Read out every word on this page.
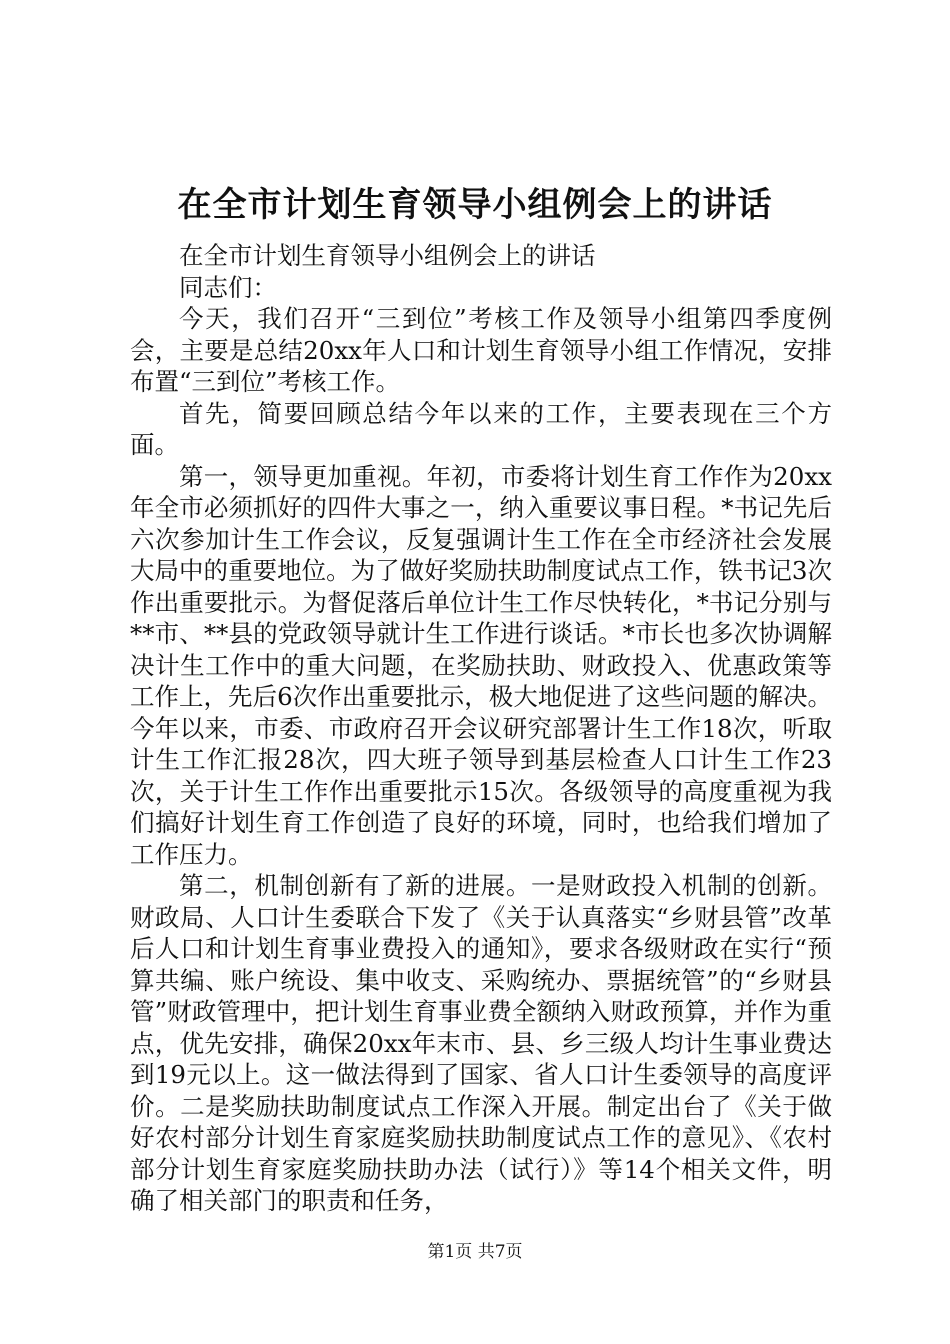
在全市计划生育领导小组例会上的讲话

在全市计划生育领导小组例会上的讲话

同志们：

今天，我们召开“三到位”考核工作及领导小组第四季度例会，主要是总结20xx年人口和计划生育领导小组工作情况，安排布置“三到位”考核工作。

首先，简要回顾总结今年以来的工作，主要表现在三个方面。

第一，领导更加重视。年初，市委将计划生育工作作为20xx年全市必须抓好的四件大事之一，纳入重要议事日程。*书记先后六次参加计生工作会议，反复强调计生工作在全市经济社会发展大局中的重要地位。为了做好奖励扶助制度试点工作，铁书记3次作出重要批示。为督促落后单位计生工作尽快转化，*书记分别与**市、**县的党政领导就计生工作进行谈话。*市长也多次协调解决计生工作中的重大问题，在奖励扶助、财政投入、优惠政策等工作上，先后6次作出重要批示，极大地促进了这些问题的解决。今年以来，市委、市政府召开会议研究部署计生工作18次，听取计生工作汇报28次，四大班子领导到基层检查人口计生工作23次，关于计生工作作出重要批示15次。各级领导的高度重视为我们搞好计划生育工作创造了良好的环境，同时，也给我们增加了工作压力。

第二，机制创新有了新的进展。一是财政投入机制的创新。财政局、人口计生委联合下发了《关于认真落实“乡财县管”改革后人口和计划生育事业费投入的通知》，要求各级财政在实行“预算共编、账户统设、集中收支、采购统办、票据统管”的“乡财县管”财政管理中，把计划生育事业费全额纳入财政预算，并作为重点，优先安排，确保20xx年末市、县、乡三级人均计生事业费达到19元以上。这一做法得到了国家、省人口计生委领导的高度评价。二是奖励扶助制度试点工作深入开展。制定出台了《关于做好农村部分计划生育家庭奖励扶助制度试点工作的意见》、《农村部分计划生育家庭奖励扶助办法（试行）》等14个相关文件，明确了相关部门的职责和任务，

第1页 共7页
